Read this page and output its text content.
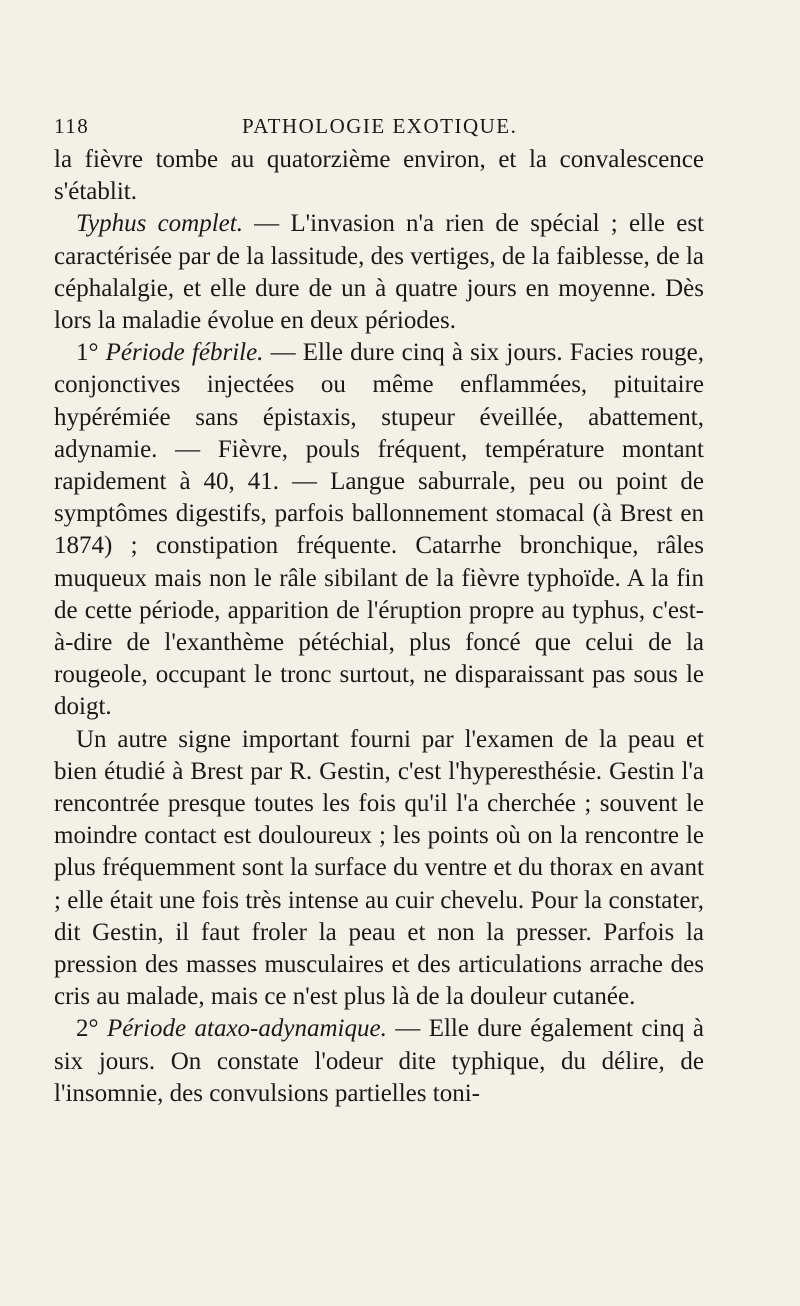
118	PATHOLOGIE EXOTIQUE.

la fièvre tombe au quatorzième environ, et la convalescence s'établit.

Typhus complet. — L'invasion n'a rien de spécial ; elle est caractérisée par de la lassitude, des vertiges, de la faiblesse, de la céphalalgie, et elle dure de un à quatre jours en moyenne. Dès lors la maladie évolue en deux périodes.

1° Période fébrile. — Elle dure cinq à six jours. Facies rouge, conjonctives injectées ou même enflammées, pituitaire hypérémiée sans épistaxis, stupeur éveillée, abattement, adynamie. — Fièvre, pouls fréquent, température montant rapidement à 40, 41. — Langue saburrale, peu ou point de symptômes digestifs, parfois ballonnement stomacal (à Brest en 1874) ; constipation fréquente. Catarrhe bronchique, râles muqueux mais non le râle sibilant de la fièvre typhoïde. A la fin de cette période, apparition de l'éruption propre au typhus, c'est-à-dire de l'exanthème pétéchial, plus foncé que celui de la rougeole, occupant le tronc surtout, ne disparaissant pas sous le doigt.

Un autre signe important fourni par l'examen de la peau et bien étudié à Brest par R. Gestin, c'est l'hyperesthésie. Gestin l'a rencontrée presque toutes les fois qu'il l'a cherchée ; souvent le moindre contact est douloureux ; les points où on la rencontre le plus fréquemment sont la surface du ventre et du thorax en avant ; elle était une fois très intense au cuir chevelu. Pour la constater, dit Gestin, il faut froler la peau et non la presser. Parfois la pression des masses musculaires et des articulations arrache des cris au malade, mais ce n'est plus là de la douleur cutanée.

2° Période ataxo-adynamique. — Elle dure également cinq à six jours. On constate l'odeur dite typhique, du délire, de l'insomnie, des convulsions partielles toni-
